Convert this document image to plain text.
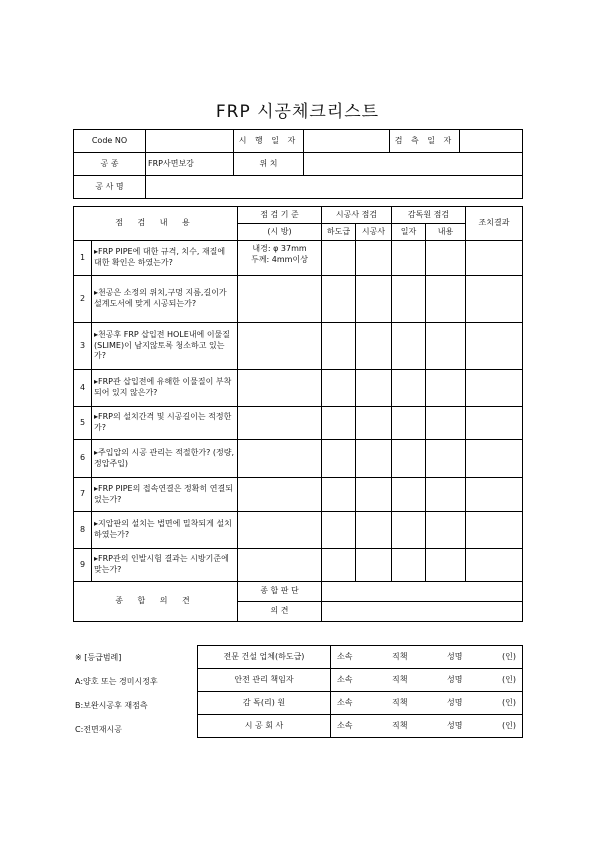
FRP 시공체크리스트
Code NO		시 행 일 자		검 측 일 자	
공 종	FRP사면보강	위 치			
공 사 명					
점 검 내 용		점 검 기 준	시공사 점검		감독원 점검		조치결과
		(시 방)	하도급	시공사	일자	내용	
1	▸FRP PIPE에 대한 규격, 치수, 재질에 대한 확인은 하였는가?	내경: φ 37mm
두께: 4mm이상					

2	▸천공은 소정의 위치,구멍 지름,길이가 설계도서에 맞게 시공되는가?						
3	▸천공후 FRP 삽입전 HOLE내에 이물질(SLIME)이 남지않토록 청소하고 있는 가?						
4	▸FRP관 삽입전에 유해한 이물질이 부착되어 있지 않은가?						
5	▸FRP의 설치간격 및 시공길이는 적정한가?						
6	▸주입압의 시공 관리는 적절한가? (정량,정압주입)						
7	▸FRP PIPE의 접속연결은 정확히 연결되었는가?						
8	▸지압판의 설치는 법면에 밀착되게 설치 하였는가?						
9	▸FRP관의 인발시험 결과는 시방기준에 맞는가?						
종 합 의 견		종 합 판 단					
		의 견					
※ [등급범례]
A:양호 또는 경미시정후
B:보완시공후 재점측
C:전면재시공
전문 건설 업체(하도급)	소속 직책 성명 (인)

안전 관리 책임자	소속 직책 성명 (인)

감 독(리) 원	소속 직책 성명 (인)

시 공 회 사	소속 직책 성명 (인)
